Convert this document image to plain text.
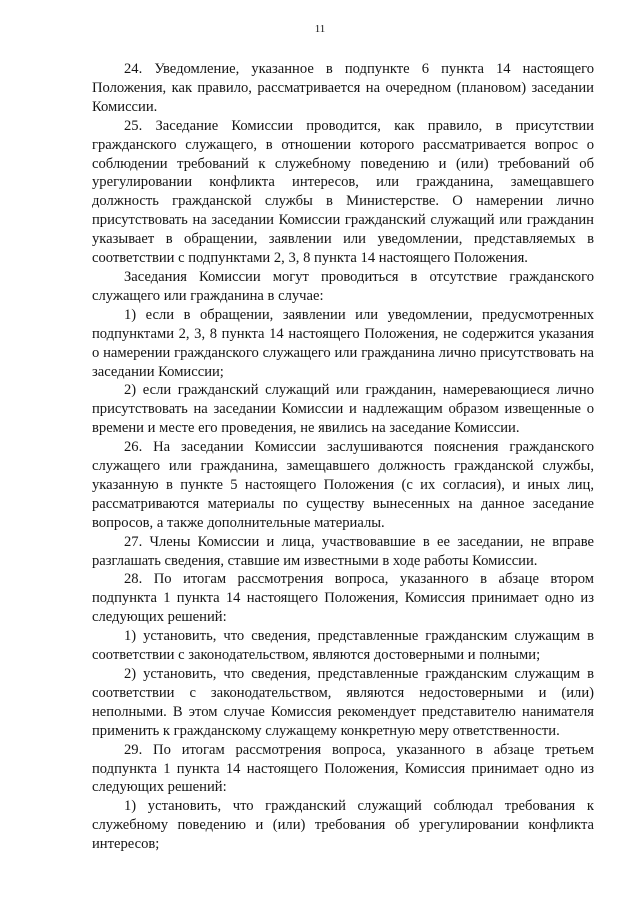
11

24. Уведомление, указанное в подпункте 6 пункта 14 настоящего Положения, как правило, рассматривается на очередном (плановом) заседании Комиссии.

25. Заседание Комиссии проводится, как правило, в присутствии гражданского служащего, в отношении которого рассматривается вопрос о соблюдении требований к служебному поведению и (или) требований об урегулировании конфликта интересов, или гражданина, замещавшего должность гражданской службы в Министерстве. О намерении лично присутствовать на заседании Комиссии гражданский служащий или гражданин указывает в обращении, заявлении или уведомлении, представляемых в соответствии с подпунктами 2, 3, 8 пункта 14 настоящего Положения.

Заседания Комиссии могут проводиться в отсутствие гражданского служащего или гражданина в случае:

1) если в обращении, заявлении или уведомлении, предусмотренных подпунктами 2, 3, 8 пункта 14 настоящего Положения, не содержится указания о намерении гражданского служащего или гражданина лично присутствовать на заседании Комиссии;

2) если гражданский служащий или гражданин, намеревающиеся лично присутствовать на заседании Комиссии и надлежащим образом извещенные о времени и месте его проведения, не явились на заседание Комиссии.

26. На заседании Комиссии заслушиваются пояснения гражданского служащего или гражданина, замещавшего должность гражданской службы, указанную в пункте 5 настоящего Положения (с их согласия), и иных лиц, рассматриваются материалы по существу вынесенных на данное заседание вопросов, а также дополнительные материалы.

27. Члены Комиссии и лица, участвовавшие в ее заседании, не вправе разглашать сведения, ставшие им известными в ходе работы Комиссии.

28. По итогам рассмотрения вопроса, указанного в абзаце втором подпункта 1 пункта 14 настоящего Положения, Комиссия принимает одно из следующих решений:

1) установить, что сведения, представленные гражданским служащим в соответствии с законодательством, являются достоверными и полными;

2) установить, что сведения, представленные гражданским служащим в соответствии с законодательством, являются недостоверными и (или) неполными. В этом случае Комиссия рекомендует представителю нанимателя применить к гражданскому служащему конкретную меру ответственности.

29. По итогам рассмотрения вопроса, указанного в абзаце третьем подпункта 1 пункта 14 настоящего Положения, Комиссия принимает одно из следующих решений:

1) установить, что гражданский служащий соблюдал требования к служебному поведению и (или) требования об урегулировании конфликта интересов;
